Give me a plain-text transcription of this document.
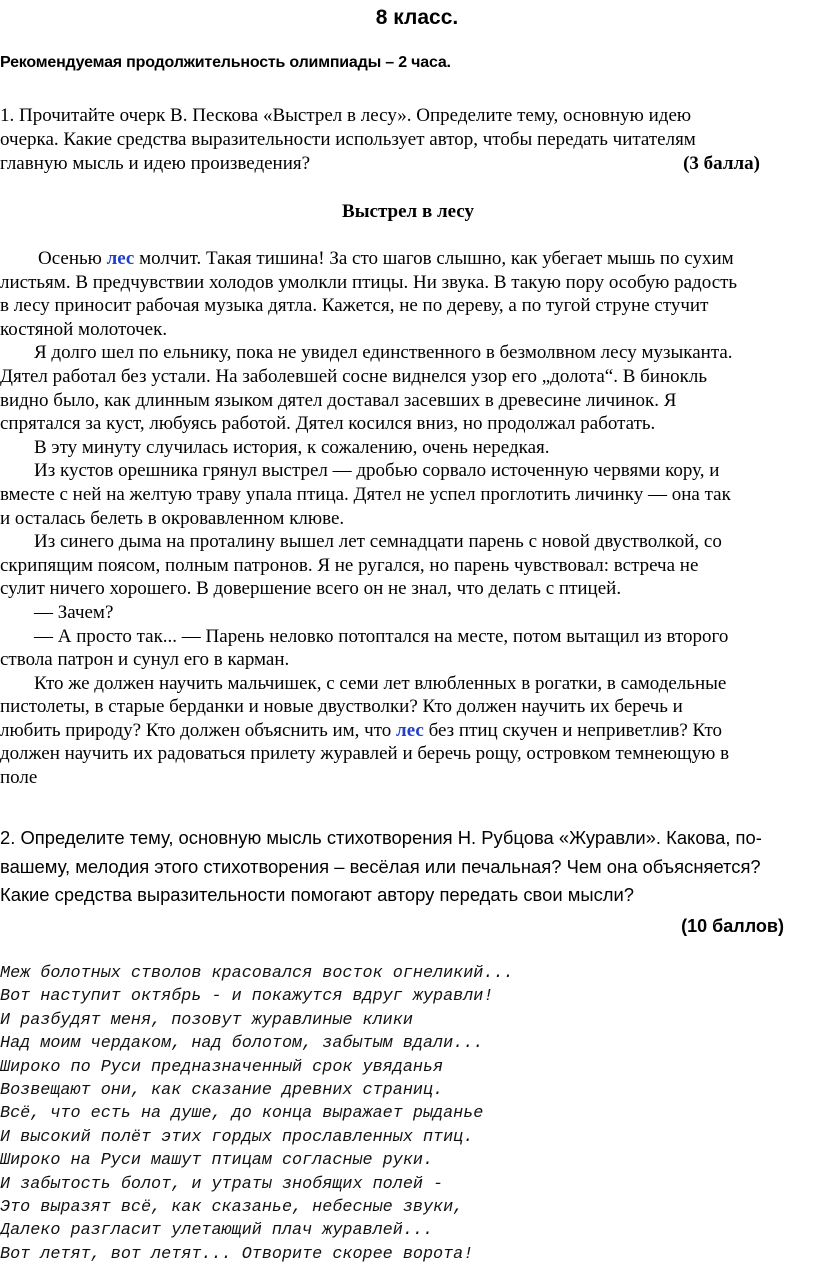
8 класс.
Рекомендуемая продолжительность олимпиады – 2 часа.
1. Прочитайте очерк В. Пескова «Выстрел в лесу». Определите тему, основную идею
очерка. Какие средства выразительности использует автор, чтобы передать читателям
главную мысль и идею произведения?	(3 балла)
Выстрел в лесу
Осенью лес молчит. Такая тишина! За сто шагов слышно, как убегает мышь по сухим
листьям. В предчувствии холодов умолкли птицы. Ни звука. В такую пору особую радость
в лесу приносит рабочая музыка дятла. Кажется, не по дереву, а по тугой струне стучит
костяной молоточек.
Я долго шел по ельнику, пока не увидел единственного в безмолвном лесу музыканта.
Дятел работал без устали. На заболевшей сосне виднелся узор его „долота“. В бинокль
видно было, как длинным языком дятел доставал засевших в древесине личинок. Я
спрятался за куст, любуясь работой. Дятел косился вниз, но продолжал работать.
В эту минуту случилась история, к сожалению, очень нередкая.
Из кустов орешника грянул выстрел — дробью сорвало источенную червями кору, и
вместе с ней на желтую траву упала птица. Дятел не успел проглотить личинку — она так
и осталась белеть в окровавленном клюве.
Из синего дыма на проталину вышел лет семнадцати парень с новой двустволкой, со
скрипящим поясом, полным патронов. Я не ругался, но парень чувствовал: встреча не
сулит ничего хорошего. В довершение всего он не знал, что делать с птицей.
— Зачем?
— А просто так... — Парень неловко потоптался на месте, потом вытащил из второго
ствола патрон и сунул его в карман.
Кто же должен научить мальчишек, с семи лет влюбленных в рогатки, в самодельные
пистолеты, в старые берданки и новые двустволки? Кто должен научить их беречь и
любить природу? Кто должен объяснить им, что лес без птиц скучен и неприветлив? Кто
должен научить их радоваться прилету журавлей и беречь рощу, островком темнеющую в
поле
2. Определите тему, основную мысль стихотворения Н. Рубцова «Журавли». Какова, по-
вашему, мелодия этого стихотворения – весёлая или печальная? Чем она объясняется?
Какие средства выразительности помогают автору передать свои мысли?
(10 баллов)
Меж болотных стволов красовался восток огнеликий...
Вот наступит октябрь - и покажутся вдруг журавли!
И разбудят меня, позовут журавлиные клики
Над моим чердаком, над болотом, забытым вдали...
Широко по Руси предназначенный срок увяданья
Возвещают они, как сказание древних страниц.
Всё, что есть на душе, до конца выражает рыданье
И высокий полёт этих гордых прославленных птиц.
Широко на Руси машут птицам согласные руки.
И забытость болот, и утраты знобящих полей -
Это выразят всё, как сказанье, небесные звуки,
Далеко разгласит улетающий плач журавлей...
Вот летят, вот летят... Отворите скорее ворота!
